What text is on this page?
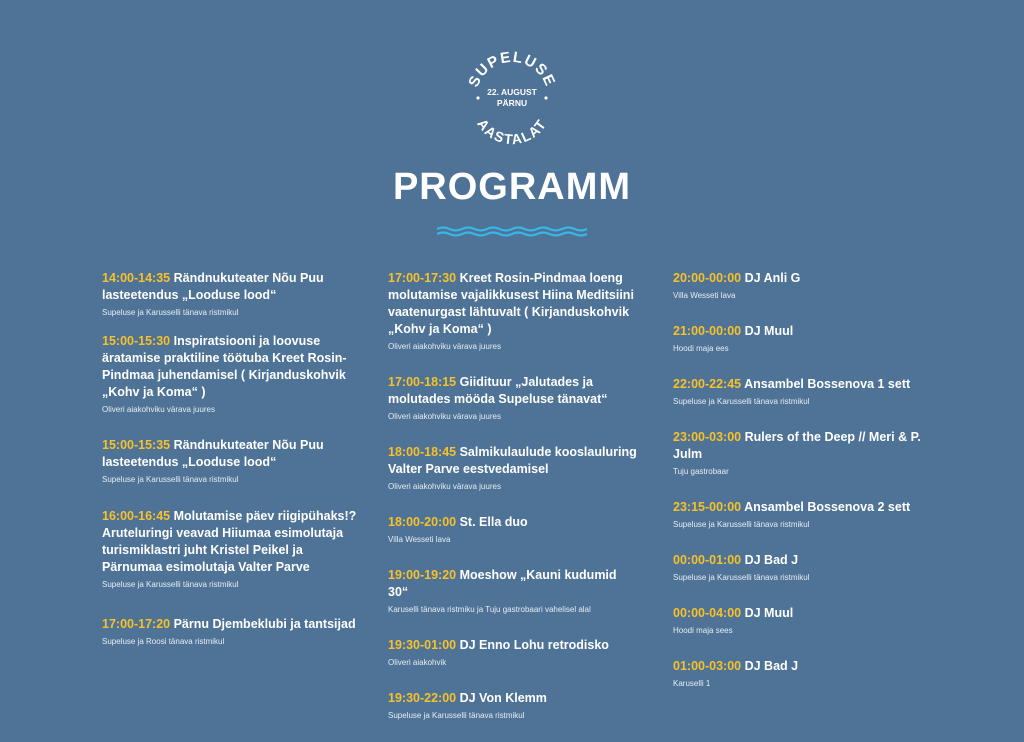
SUPELUSE
AASTALAT
22. AUGUST
PÄRNU
PROGRAMM
14:00-14:35 Rändnukuteater Nõu Puu lasteetendus „Looduse lood“
Supeluse ja Karusselli tänava ristmikul
15:00-15:30 Inspiratsiooni ja loovuse äratamise praktiline töötuba Kreet Rosin-Pindmaa juhendamisel ( Kirjanduskohvik „Kohv ja Koma“ )
Oliveri aiakohviku värava juures
15:00-15:35 Rändnukuteater Nõu Puu lasteetendus „Looduse lood“
Supeluse ja Karusselli tänava ristmikul
16:00-16:45 Molutamise päev riigipühaks!? Aruteluringi veavad Hiiumaa esimolutaja turismiklastri juht Kristel Peikel ja Pärnumaa esimolutaja Valter Parve
Supeluse ja Karusselli tänava ristmikul
17:00-17:20 Pärnu Djembeklubi ja tantsijad
Supeluse ja Roosi tänava ristmikul
17:00-17:30 Kreet Rosin-Pindmaa loeng molutamise vajalikkusest Hiina Meditsiini vaatenurgast lähtuvalt ( Kirjanduskohvik „Kohv ja Koma“ )
Oliveri aiakohviku värava juures
17:00-18:15 Giidituur „Jalutades ja molutades mööda Supeluse tänavat“
Oliveri aiakohviku värava juures
18:00-18:45 Salmikulaulude kooslauluring Valter Parve eestvedamisel
Oliveri aiakohviku värava juures
18:00-20:00 St. Ella duo
Villa Wesseti lava
19:00-19:20 Moeshow „Kauni kudumid 30“
Karuselli tänava ristmiku ja Tuju gastrobaari vahelisel alal
19:30-01:00 DJ Enno Lohu retrodisko
Oliveri aiakohvik
19:30-22:00 DJ Von Klemm
Supeluse ja Karusselli tänava ristmikul
20:00-00:00 DJ Anli G
Villa Wesseti lava
21:00-00:00 DJ Muul
Hoodi maja ees
22:00-22:45 Ansambel Bossenova 1 sett
Supeluse ja Karusselli tänava ristmikul
23:00-03:00 Rulers of the Deep // Meri & P. Julm
Tuju gastrobaar
23:15-00:00 Ansambel Bossenova 2 sett
Supeluse ja Karusselli tänava ristmikul
00:00-01:00 DJ Bad J
Supeluse ja Karusselli tänava ristmikul
00:00-04:00 DJ Muul
Hoodi maja sees
01:00-03:00 DJ Bad J
Karuselli 1
